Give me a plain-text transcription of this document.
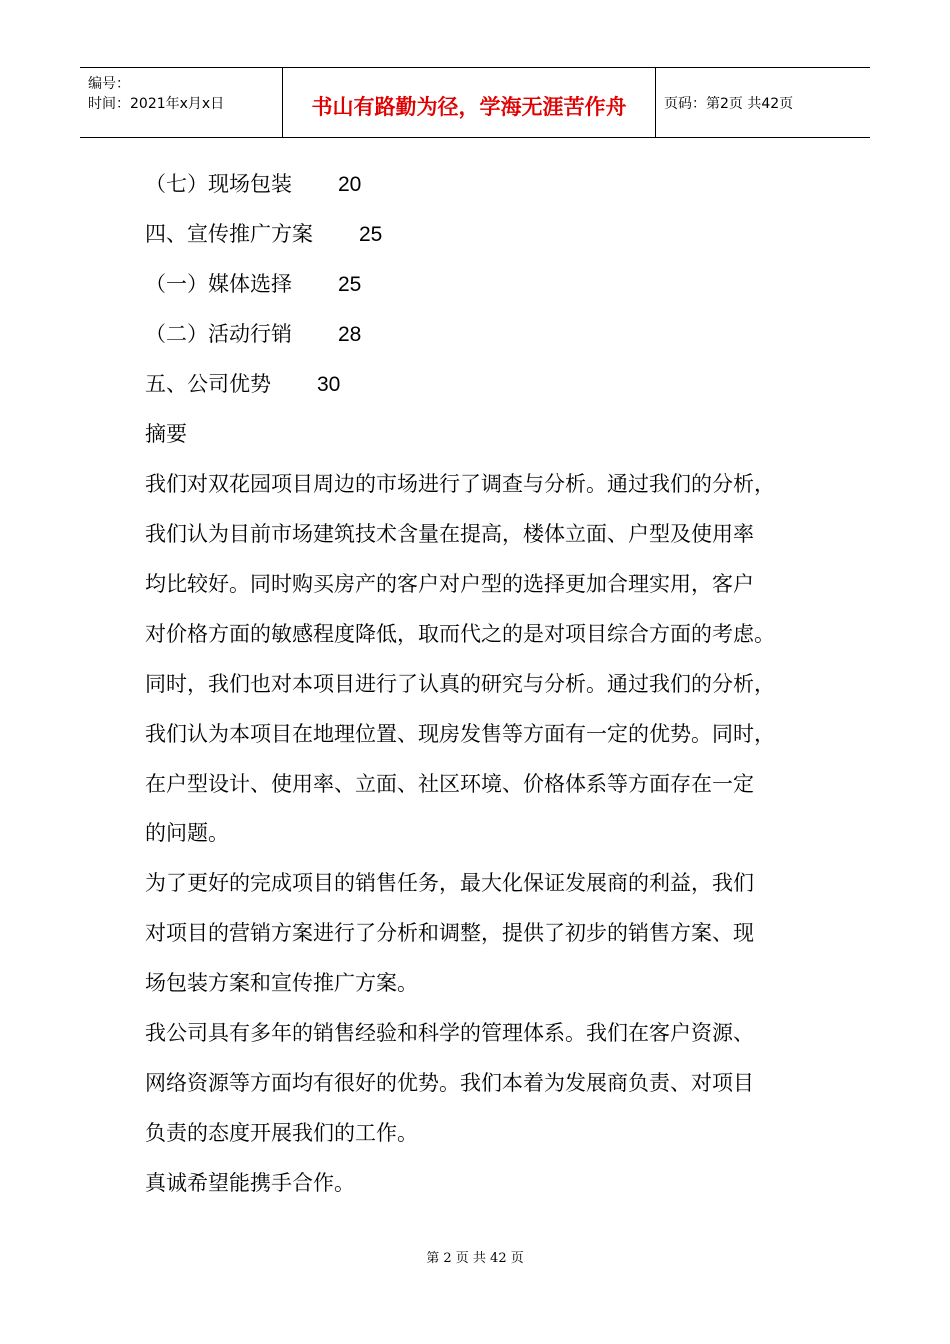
编号：
时间：2021年x月x日	书山有路勤为径，学海无涯苦作舟	页码：第2页 共42页
（七）现场包装 20
四、宣传推广方案 25
（一）媒体选择 25
（二）活动行销 28
五、公司优势 30
摘要
我们对双花园项目周边的市场进行了调查与分析。通过我们的分析，
我们认为目前市场建筑技术含量在提高，楼体立面、户型及使用率
均比较好。同时购买房产的客户对户型的选择更加合理实用，客户
对价格方面的敏感程度降低，取而代之的是对项目综合方面的考虑。
同时，我们也对本项目进行了认真的研究与分析。通过我们的分析，
我们认为本项目在地理位置、现房发售等方面有一定的优势。同时，
在户型设计、使用率、立面、社区环境、价格体系等方面存在一定
的问题。
为了更好的完成项目的销售任务，最大化保证发展商的利益，我们
对项目的营销方案进行了分析和调整，提供了初步的销售方案、现
场包装方案和宣传推广方案。
我公司具有多年的销售经验和科学的管理体系。我们在客户资源、
网络资源等方面均有很好的优势。我们本着为发展商负责、对项目
负责的态度开展我们的工作。
真诚希望能携手合作。
第 2 页 共 42 页
